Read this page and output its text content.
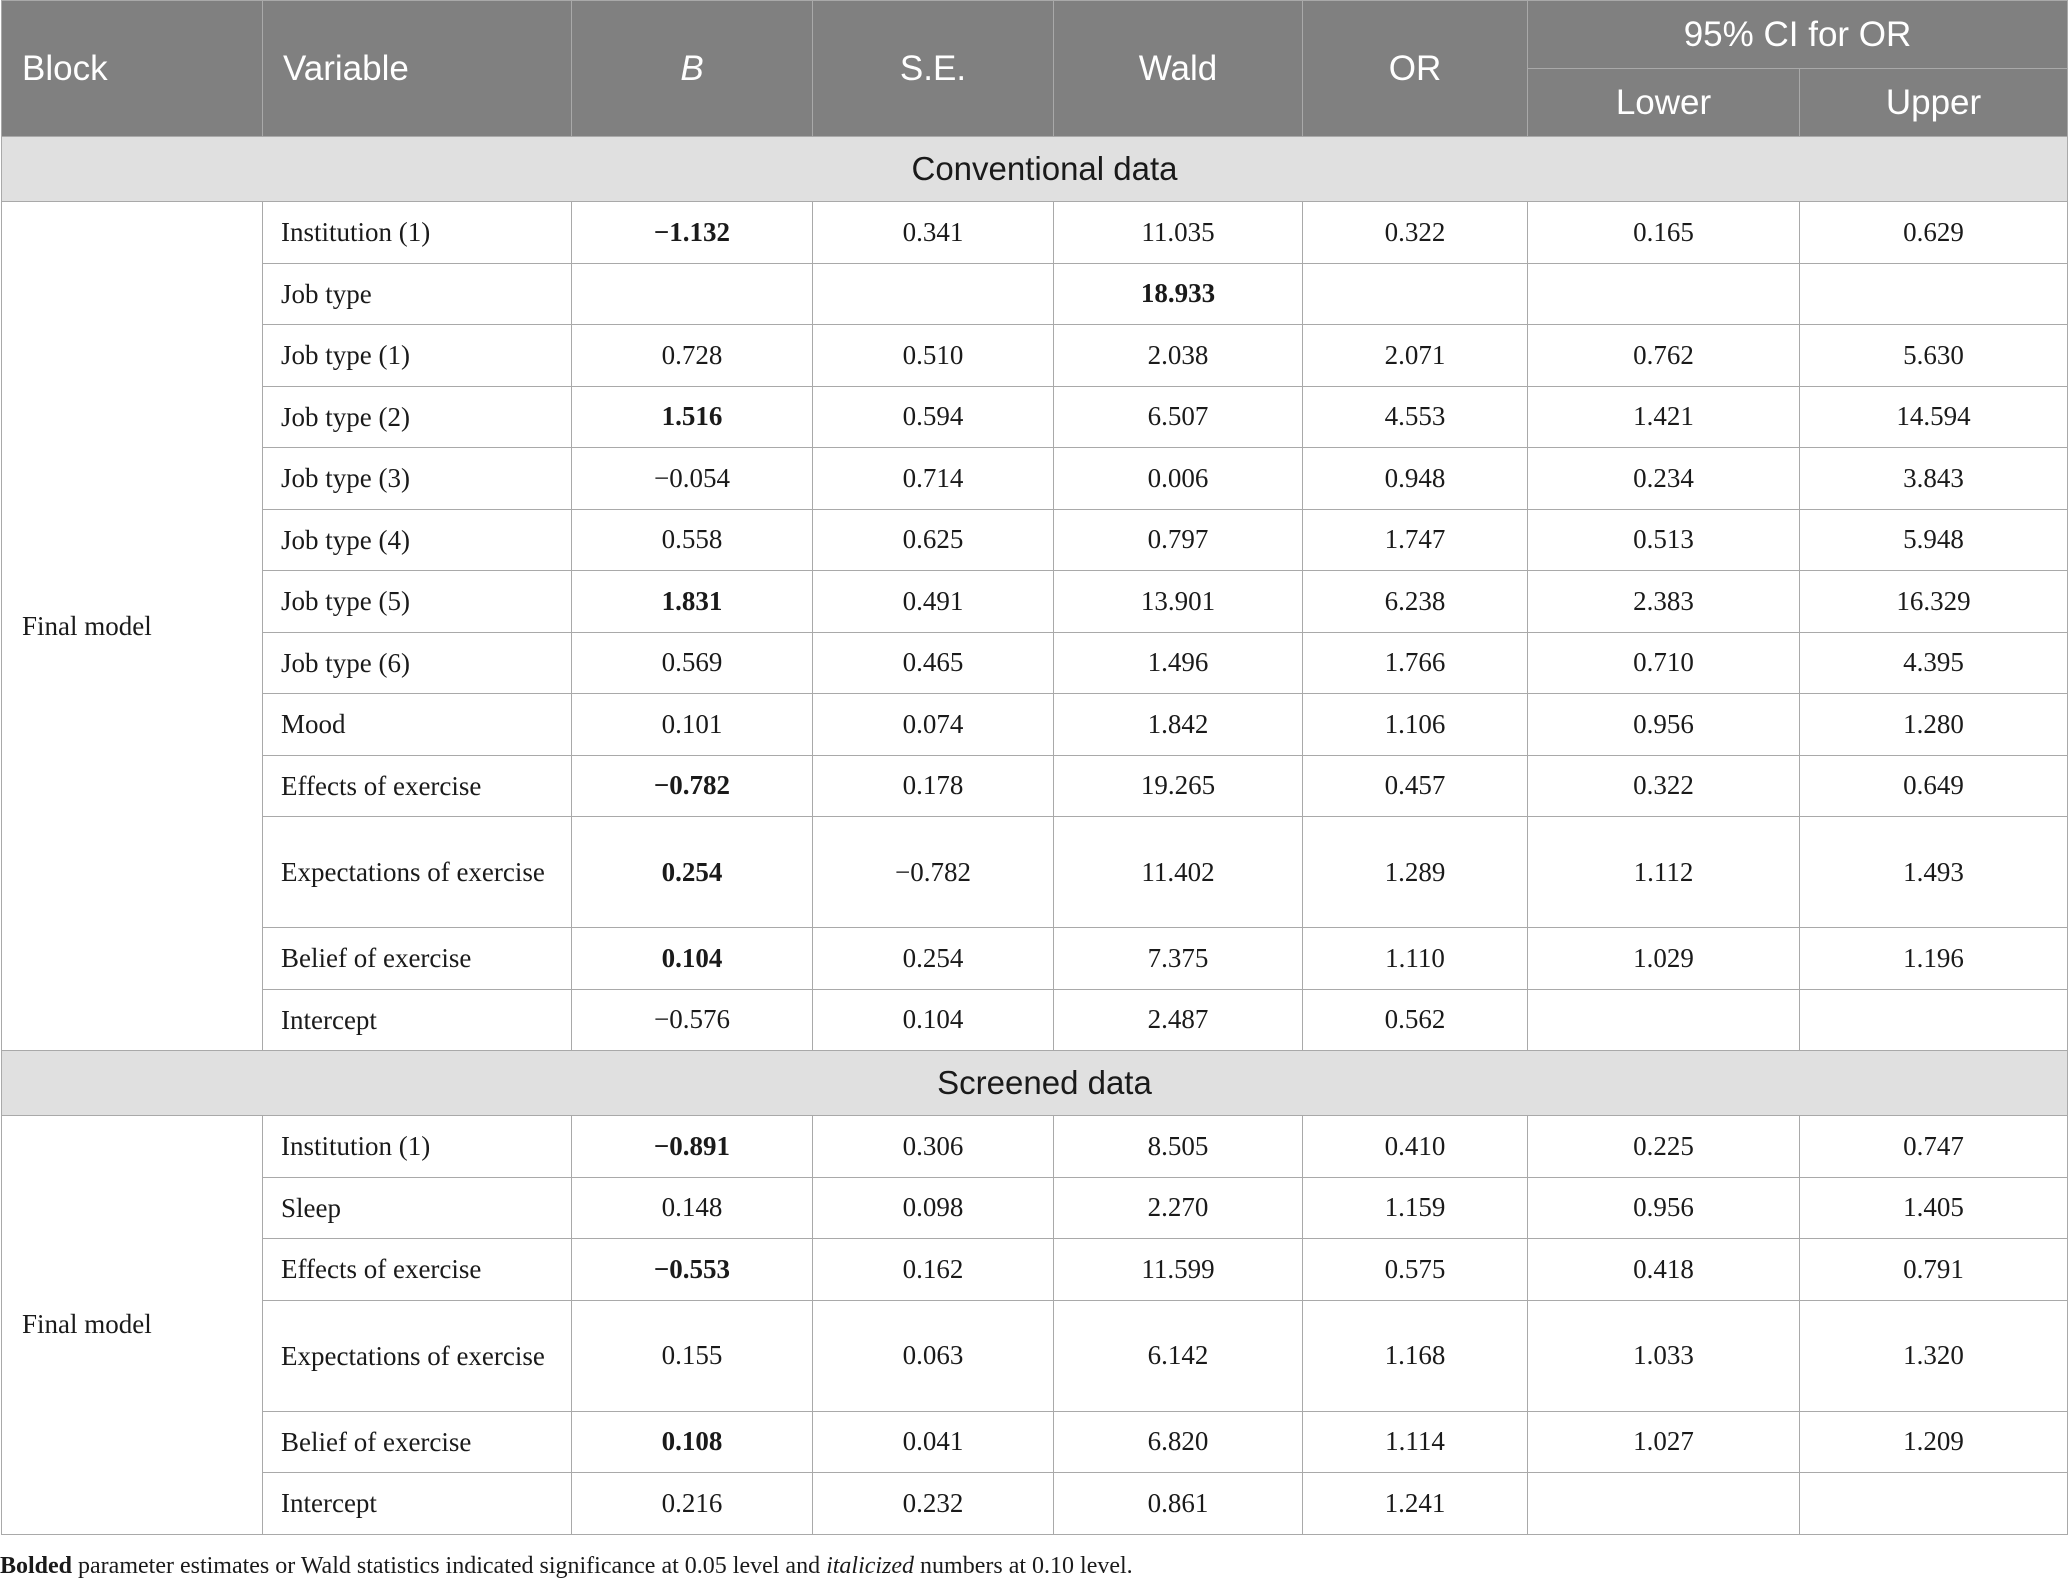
Block	Variable	B	S.E.	Wald	OR	95% CI for OR	
						Lower	Upper
Conventional data							
Final model	Institution (1)	−1.132	0.341	11.035	0.322	0.165	0.629
	Job type			18.933			
	Job type (1)	0.728	0.510	2.038	2.071	0.762	5.630
	Job type (2)	1.516	0.594	6.507	4.553	1.421	14.594
	Job type (3)	−0.054	0.714	0.006	0.948	0.234	3.843
	Job type (4)	0.558	0.625	0.797	1.747	0.513	5.948
	Job type (5)	1.831	0.491	13.901	6.238	2.383	16.329
	Job type (6)	0.569	0.465	1.496	1.766	0.710	4.395
	Mood	0.101	0.074	1.842	1.106	0.956	1.280
	Effects of exercise	−0.782	0.178	19.265	0.457	0.322	0.649
	Expectations of exercise	0.254	−0.782	11.402	1.289	1.112	1.493
	Belief of exercise	0.104	0.254	7.375	1.110	1.029	1.196
	Intercept	−0.576	0.104	2.487	0.562		
Screened data							
Final model	Institution (1)	−0.891	0.306	8.505	0.410	0.225	0.747
	Sleep	0.148	0.098	2.270	1.159	0.956	1.405
	Effects of exercise	−0.553	0.162	11.599	0.575	0.418	0.791
	Expectations of exercise	0.155	0.063	6.142	1.168	1.033	1.320
	Belief of exercise	0.108	0.041	6.820	1.114	1.027	1.209
	Intercept	0.216	0.232	0.861	1.241		
Bolded parameter estimates or Wald statistics indicated significance at 0.05 level and italicized numbers at 0.10 level.
